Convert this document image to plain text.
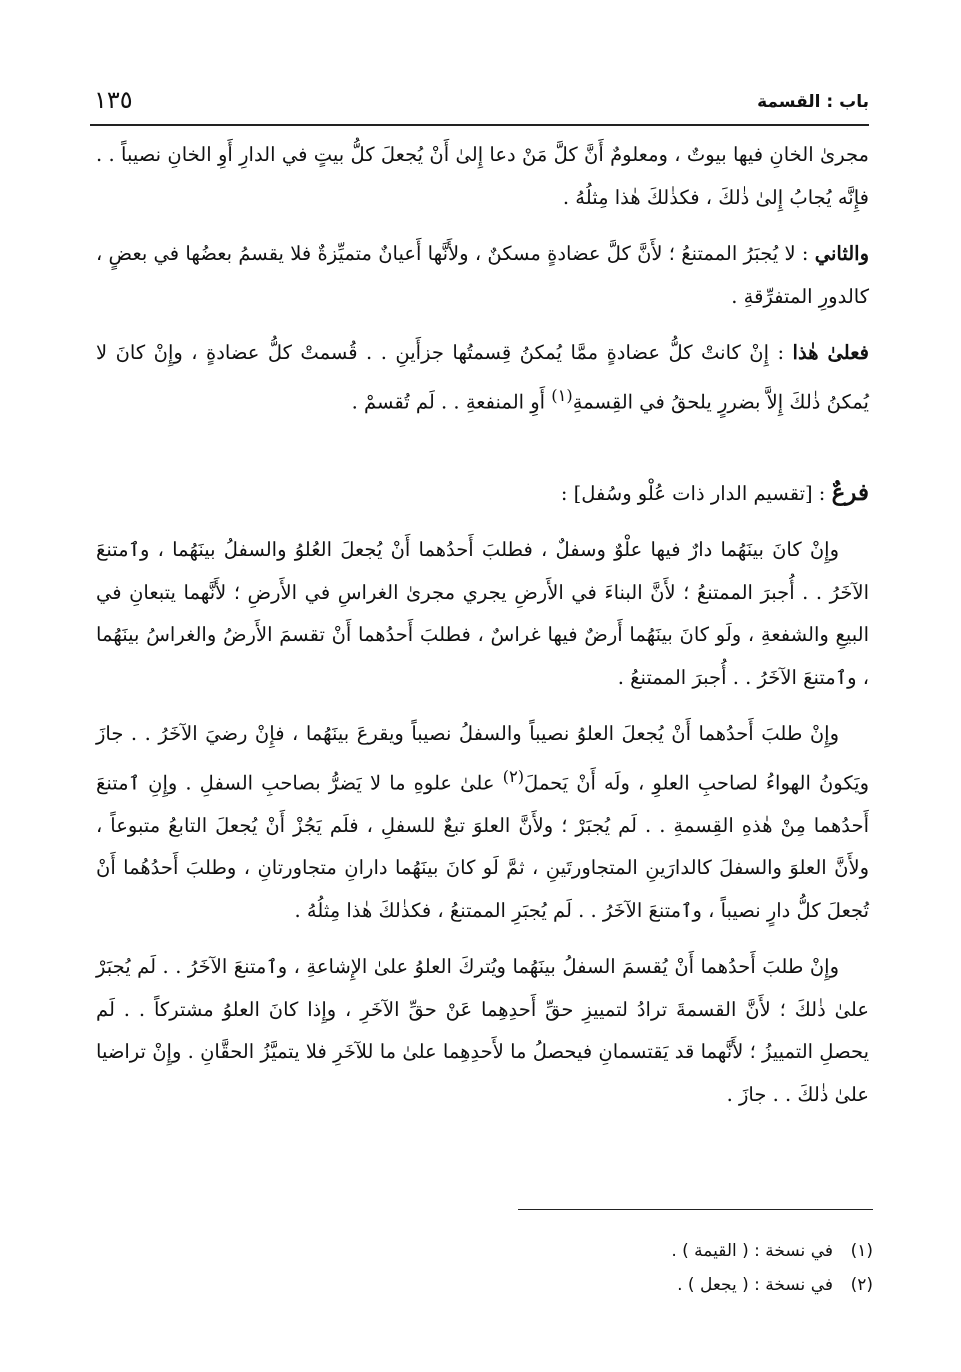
باب : القسمة
١٣٥

مجرىٰ الخانِ فيها بيوتٌ ، ومعلومٌ أَنَّ كلَّ مَنْ دعا إِلىٰ أَنْ يُجعلَ كلُّ بيتٍ في الدارِ أَوِ الخانِ نصيباً . . فإِنَّه يُجابُ إِلىٰ ذٰلكَ ، فكذٰلكَ هٰذا مِثلُهُ .

والثاني : لا يُجبَرُ الممتنعُ ؛ لأَنَّ كلَّ عضادةٍ مسكنٌ ، ولأَنَّها أَعيانٌ متميِّزةٌ فلا يقسمُ بعضُها في بعضٍ ، كالدورِ المتفرِّقةِ .

فعلىٰ هٰذا : إِنْ كانتْ كلُّ عضادةٍ ممَّا يُمكنُ قِسمتُها جزأَينِ . . قُسمتْ كلُّ عضادةٍ ، وإِنْ كانَ لا يُمكنُ ذٰلكَ إِلاَّ بضررٍ يلحقُ في القِسمةِ$^{(١)}$ أَوِ المنفعةِ . . لَم تُقسمْ .

فرعٌ : [تقسيم الدار ذات عُلْو وسُفل] :

وإِنْ كانَ بينَهُما دارٌ فيها علْوٌ وسفلٌ ، فطلبَ أَحدُهما أَنْ يُجعلَ العُلوُ والسفلُ بينَهُما ، وٱمتنعَ الآخَرُ . . أُجبرَ الممتنعُ ؛ لأَنَّ البناءَ في الأَرضِ يجري مجرىٰ الغراسِ في الأَرضِ ؛ لأَنَّهما يتبعانِ في البيعِ والشفعةِ ، ولَو كانَ بينَهُما أَرضٌ فيها غراسٌ ، فطلبَ أَحدُهما أَنْ تقسمَ الأَرضُ والغراسُ بينَهُما ، وٱمتنعَ الآخَرُ . . أُجبرَ الممتنعُ .

وإِنْ طلبَ أَحدُهما أَنْ يُجعلَ العلوُ نصيباً والسفلُ نصيباً ويقرعَ بينَهُما ، فإِنْ رضيَ الآخَرُ . . جازَ ويَكونُ الهواءُ لصاحبِ العلوِ ، ولَه أَنْ يَحملَ$^{(٢)}$ علىٰ علوهِ ما لا يَضرُّ بصاحبِ السفلِ . وإِنِ ٱمتنعَ أَحدُهما مِنْ هٰذهِ القِسمةِ . . لَم يُجبَرْ ؛ ولأَنَّ العلوَ تبعٌ للسفلِ ، فلَم يَجُزْ أَنْ يُجعلَ التابعُ متبوعاً ، ولأَنَّ العلوَ والسفلَ كالدارَينِ المتجاورتَينِ ، ثمَّ لَو كانَ بينَهُما دارانِ متجاورتانِ ، وطلبَ أَحدُهُما أَنْ تُجعلَ كلُّ دارٍ نصيباً ، وٱمتنعَ الآخَرُ . . لَم يُجبَرِ الممتنعُ ، فكذٰلكَ هٰذا مِثلُهُ .

وإِنْ طلبَ أَحدُهما أَنْ يُقسمَ السفلُ بينَهُما ويُتركَ العلوُ علىٰ الإِشاعةِ ، وٱمتنعَ الآخَرُ . . لَم يُجبَرْ علىٰ ذٰلكَ ؛ لأَنَّ القسمةَ ترادُ لتمييزِ حقِّ أَحدِهِما عَنْ حقِّ الآخَرِ ، وإِذا كانَ العلوُ مشتركاً . . لَم يحصلِ التمييزُ ؛ لأَنَّهما قد يَقتسمانِ فيحصلُ ما لأَحدِهِما علىٰ ما للآخَرِ فلا يتميَّزُ الحقَّانِ . وإِنْ تراضيا علىٰ ذٰلكَ . . جازَ .

(١)في نسخة : ( القيمة ) .
(٢)في نسخة : ( يجعل ) .
